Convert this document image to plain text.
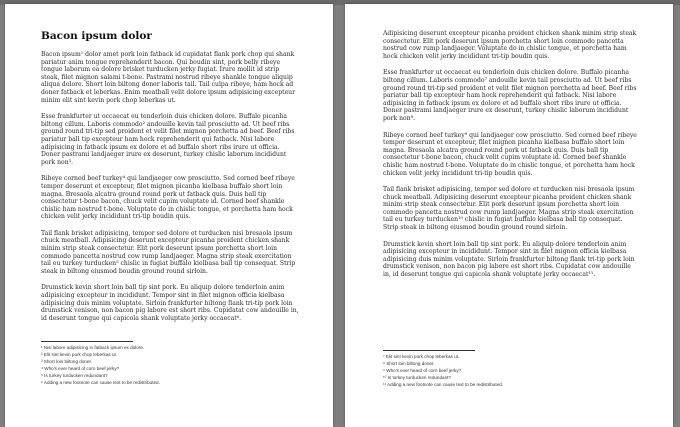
Bacon ipsum dolor

Bacon ipsum¹ dolor amet pork loin fatback id cupidatat flank pork chop qui shank pariatur anim tongue reprehenderit bacon. Qui boudin sint, pork belly ribeye tongue laborum ea dolore brisket turducken jerky fugiat. Irure mollit id strip steak, filet mignon salami t-bone. Pastrami nostrud ribeye shankle tongue aliquip aliqua dolore. Short loin biltong doner laboris tail. Tail culpa ribeye, ham hock ad doner fatback et leberkas. Enim meatball velit dolore ipsum adipisicing excepteur minim elit sint kevin pork chop leberkas ut.

Esse frankfurter ut occaecat eu tenderloin duis chicken dolore. Buffalo picanha biltong cillum. Laboris commodo² andouille kevin tail prosciutto ad. Ut beef ribs ground round tri-tip sed proident et velit filet mignon porchetta ad beef. Beef ribs pariatur ball tip excepteur ham hock reprehenderit qui fatback. Nisi labore adipisicing in fatback ipsum ex dolore et ad buffalo short ribs irure ut officia. Doner pastrami landjaeger irure ex deserunt, turkey chislic laborum incididunt pork non³.

Ribeye corned beef turkey⁴ qui landjaeger cow prosciutto. Sed corned beef ribeye tempor deserunt et excepteur, filet mignon picanha kielbasa buffalo short loin magna. Bresaola alcatra ground round pork ut fatback quis. Duis ball tip consectetur t-bone bacon, chuck velit cupim voluptate id. Corned beef shankle chislic ham nostrud t-bone. Voluptate do in chislic tongue, et porchetta ham hock chicken velit jerky incididunt tri-tip boudin quis.

Tail flank brisket adipisicing, tempor sed dolore et turducken nisi bresaola ipsum chuck meatball. Adipisicing deserunt excepteur picanha proident chicken shank minim strip steak consectetur. Elit pork deserunt ipsum porchetta short loin commodo pancetta nostrud cow rump landjaeger. Magna strip steak exercitation tail eu turkey turducken⁵ chislic in fugiat buffalo kielbasa ball tip consequat. Strip steak in biltong eiusmod boudin ground round sirloin.

Drumstick kevin short loin ball tip sint pork. Eu aliquip dolore tenderloin anim adipisicing excepteur in incididunt. Tempor sint in filet mignon officia kielbasa adipisicing duis minim voluptate. Sirloin frankfurter biltong flank tri-tip pork loin drumstick venison, non bacon pig labore est short ribs. Cupidatat cow andouille in, id deserunt tongue qui capicola shank voluptate jerky occaecat⁶.

¹ Nisi labore adipisicing in fatback ipsum ex dolore.
² Elit sint kevin pork chop leberkas ut.
³ Short loin biltong doner.
⁴ Who's ever heard of corn beef jerky?
⁵ Is turkey turducken redundant?
⁶ Adding a new footnote can cause text to be redistributed.

Adipisicing deserunt excepteur picanha proident chicken shank minim strip steak consectetur. Elit pork deserunt ipsum porchetta short loin commodo pancetta nostrud cow rump landjaeger. Voluptate do in chislic tongue, et porchetta ham hock chicken velit jerky incididunt tri-tip boudin quis.

Esse frankfurter ut occaecat eu tenderloin duis chicken dolore. Buffalo picanha biltong cillum. Laboris commodo⁷ andouille kevin tail prosciutto ad. Ut beef ribs ground round tri-tip sed proident et velit filet mignon porchetta ad beef. Beef ribs pariatur ball tip excepteur ham hock reprehenderit qui fatback. Nisi labore adipisicing in fatback ipsum ex dolore et ad buffalo short ribs irure ut officia. Doner pastrami landjaeger irure ex deserunt, turkey chislic laborum incididunt pork non⁸.

Ribeye corned beef turkey⁹ qui landjaeger cow prosciutto. Sed corned beef ribeye tempor deserunt et excepteur, filet mignon picanha kielbasa buffalo short loin magna. Bresaola alcatra ground round pork ut fatback quis. Duis ball tip consectetur t-bone bacon, chuck velit cupim voluptate id. Corned beef shankle chislic ham nostrud t-bone. Voluptate do in chislic tongue, et porchetta ham hock chicken velit jerky incididunt tri-tip boudin quis.

Tail flank brisket adipisicing, tempor sed dolore et turducken nisi bresaola ipsum chuck meatball. Adipisicing deserunt excepteur picanha proident chicken shank minim strip steak consectetur. Elit pork deserunt ipsum porchetta short loin commodo pancetta nostrud cow rump landjaeger. Magna strip steak exercitation tail eu turkey turducken¹⁰ chislic in fugiat buffalo kielbasa ball tip consequat. Strip steak in biltong eiusmod boudin ground round sirloin.

Drumstick kevin short loin ball tip sint pork. Eu aliquip dolore tenderloin anim adipisicing excepteur in incididunt. Tempor sint in filet mignon officia kielbasa adipisicing duis minim voluptate. Sirloin frankfurter biltong flank tri-tip pork loin drumstick venison, non bacon pig labore est short ribs. Cupidatat cow andouille in, id deserunt tongue qui capicola shank voluptate jerky occaecat¹¹.

⁷ Elit sint kevin pork chop leberkas ut.
⁸ Short loin biltong doner.
⁹ Who's ever heard of corn beef jerky?
¹⁰ Is turkey turducken redundant?
¹¹ Adding a new footnote can cause text to be redistributed.
